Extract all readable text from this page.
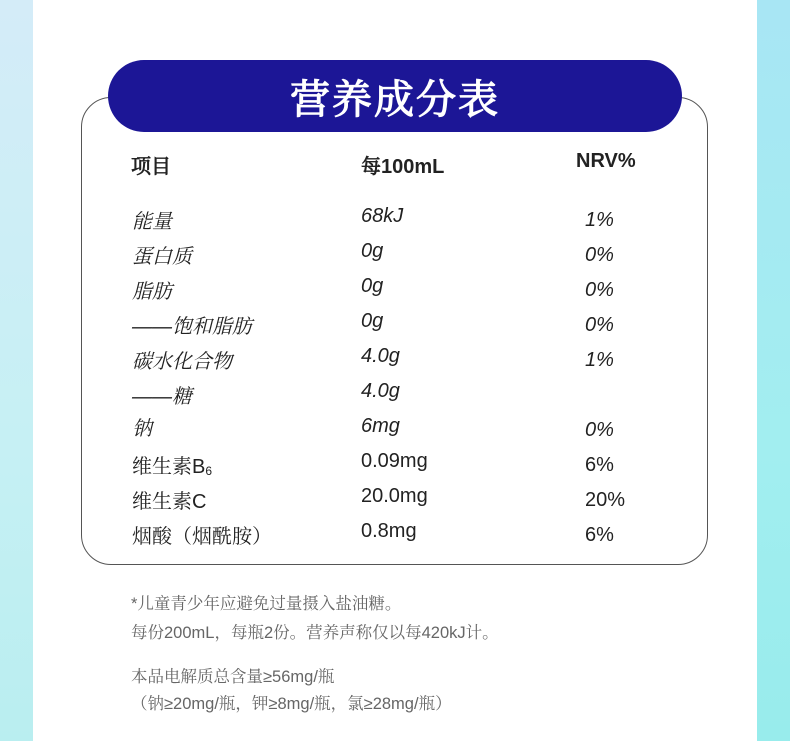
营养成分表
项目	每100mL	NRV%
能量	68kJ	1%
蛋白质	0g	0%
脂肪	0g	0%
——饱和脂肪	0g	0%
碳水化合物	4.0g	1%
——糖	4.0g
钠	6mg	0%
维生素$B_6$	0.09mg	6%
维生素C	20.0mg	20%
烟酸（烟酰胺）	0.8mg	6%
*儿童青少年应避免过量摄入盐油糖。
每份200mL，每瓶2份。营养声称仅以每420kJ计。
本品电解质总含量≥56mg/瓶
（钠≥20mg/瓶，钾≥8mg/瓶，氯≥28mg/瓶）
